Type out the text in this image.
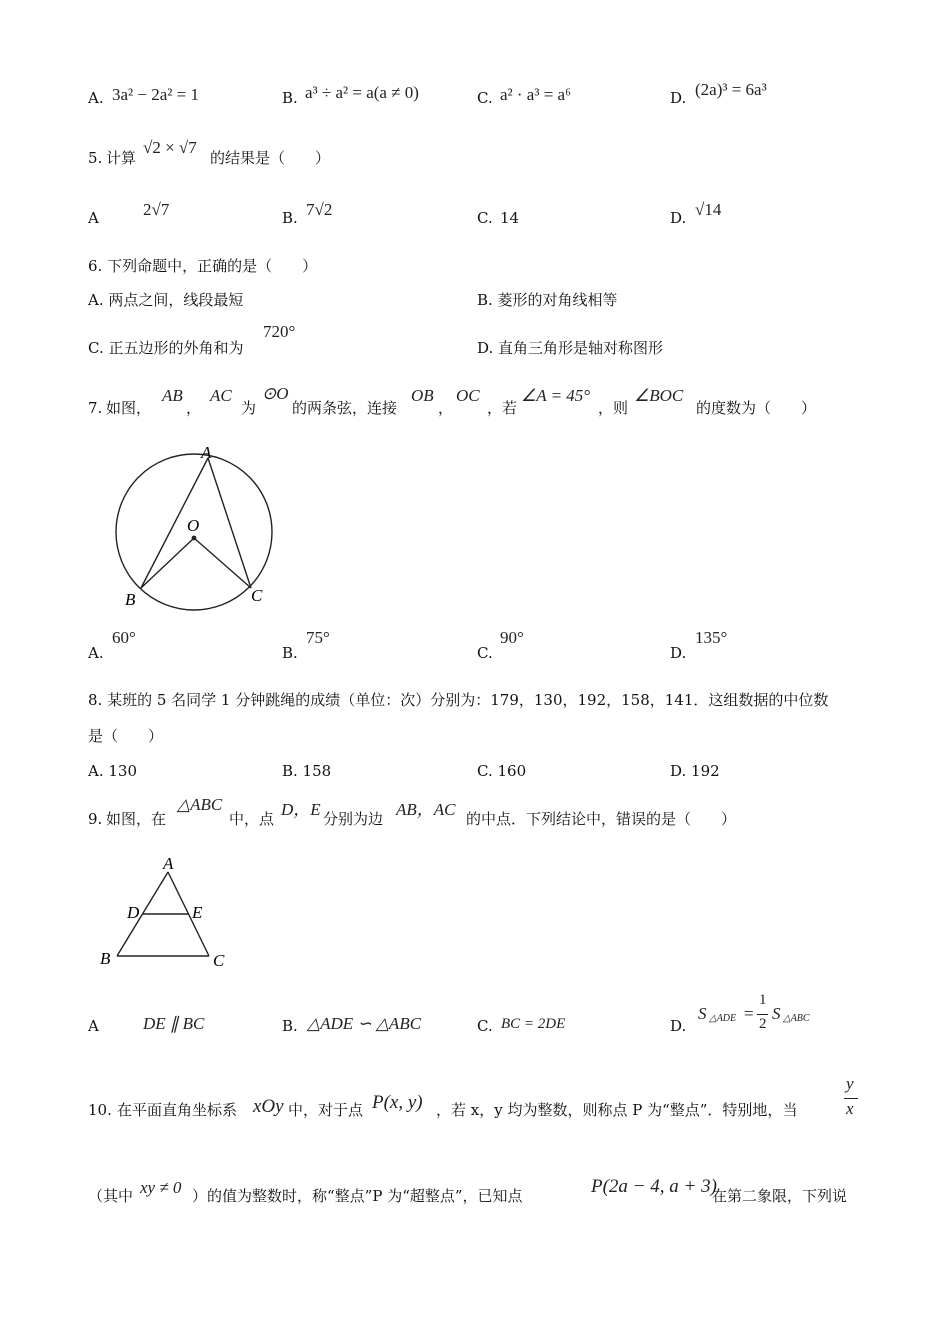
A. 3a² − 2a² = 1	B. a³ ÷ a² = a(a ≠ 0)	C. a² · a³ = a⁶	D. (2a)³ = 6a³
5. 计算
√2 × √7
的结果是（　　）
A	2√7	B. 7√2	C. 14	D. √14
6. 下列命题中，正确的是（　　）
A. 两点之间，线段最短	B. 菱形的对角线相等
C. 正五边形的外角和为
720°
D. 直角三角形是轴对称图形
7. 如图，
AB
，
AC
为
⊙O
的两条弦，连接
OB
，
OC
，若
∠A = 45°
，则
∠BOC
的度数为（　　）
A
O
B	C
A.
60°
B.
75°
C.
90°
D.
135°
8. 某班的 5 名同学 1 分钟跳绳的成绩（单位：次）分别为：179，130，192，158，141．这组数据的中位数
是（　　）
A. 130	B. 158	C. 160	D. 192
9. 如图，在
△ABC
中，点 D，E 分别为边 AB，AC 的中点．下列结论中，错误的是（　　）
A
D	E
B	C
A	DE ∥ BC	B. △ADE ∽ △ABC	C. BC = 2DE	D.
S △ADE =
1
2
S △ABC
10. 在平面直角坐标系 xOy 中，对于点 P(x, y) ，若 x，y 均为整数，则称点 P 为“整点”．特别地，当
y
x
（其中 xy ≠ 0 ）的值为整数时，称“整点”P 为“超整点”，已知点	P(2a − 4, a + 3)
在第二象限，下列说
